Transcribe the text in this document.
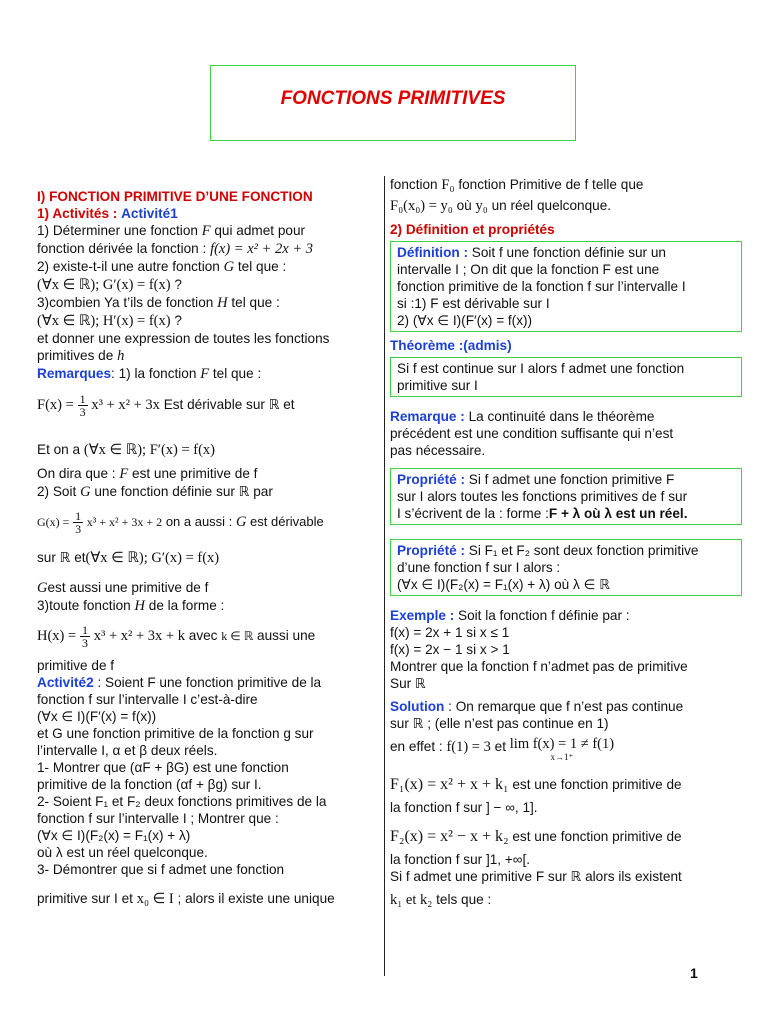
FONCTIONS PRIMITIVES
I) FONCTION PRIMITIVE D’UNE FONCTION
1) Activités : Activité1
1) Déterminer une fonction F qui admet pour
fonction dérivée la fonction : f(x) = x² + 2x + 3
2) existe-t-il une autre fonction G tel que :
(∀x ∈ ℝ); G′(x) = f(x) ?
3)combien Ya t’ils de fonction H tel que :
(∀x ∈ ℝ); H′(x) = f(x) ?
et donner une expression de toutes les fonctions
primitives de h
Remarques: 1) la fonction F tel que :
$F(x) = \frac{1}{3} x^3 + x^2 + 3x$ Est dérivable sur ℝ et
Et on a (∀x ∈ ℝ); F′(x) = f(x)
On dira que : F est une primitive de f
2) Soit G une fonction définie sur ℝ par
$G(x) = \frac{1}{3} x^3 + x^2 + 3x + 2$ on a aussi : G est dérivable
sur ℝ et(∀x ∈ ℝ); G′(x) = f(x)
Gest aussi une primitive de f
3)toute fonction H de la forme :
$H(x) = \frac{1}{3} x^3 + x^2 + 3x + k$ avec k ∈ ℝ aussi une
primitive de f
Activité2 : Soient F une fonction primitive de la
fonction f sur l’intervalle I c’est-à-dire
(∀x ∈ I)(F′(x) = f(x))
et G une fonction primitive de la fonction g sur
l’intervalle I, α et β deux réels.
1- Montrer que (αF + βG) est une fonction
primitive de la fonction (αf + βg) sur I.
2- Soient F₁ et F₂ deux fonctions primitives de la
fonction f sur l’intervalle I ; Montrer que :
(∀x ∈ I)(F₂(x) = F₁(x) + λ)
où λ est un réel quelconque.
3- Démontrer que si f admet une fonction
primitive sur I et x₀ ∈ I ; alors il existe une unique
fonction F₀ fonction Primitive de f telle que
F₀(x₀) = y₀ où y₀ un réel quelconque.
2) Définition et propriétés
Définition : Soit f une fonction définie sur un
intervalle I ; On dit que la fonction F est une
fonction primitive de la fonction f sur l’intervalle I
si :1) F est dérivable sur I
2) (∀x ∈ I)(F′(x) = f(x))
Théorème :(admis)
Si f est continue sur I alors f admet une fonction
primitive sur I
Remarque : La continuité dans le théorème
précédent est une condition suffisante qui n’est
pas nécessaire.
Propriété : Si f admet une fonction primitive F
sur I alors toutes les fonctions primitives de f sur
I s’écrivent de la : forme :F + λ où λ est un réel.
Propriété : Si F₁ et F₂ sont deux fonction primitive
d’une fonction f sur I alors :
(∀x ∈ I)(F₂(x) = F₁(x) + λ) où λ ∈ ℝ
Exemple : Soit la fonction f définie par :
f(x) = 2x + 1 si x ≤ 1
f(x) = 2x − 1 si x > 1
Montrer que la fonction f n’admet pas de primitive
Sur ℝ
Solution : On remarque que f n’est pas continue
sur ℝ ; (elle n’est pas continue en 1)
en effet : f(1) = 3 et lim f(x) = 1 ≠ f(1)
x→1⁺
F₁(x) = x² + x + k₁ est une fonction primitive de
la fonction f sur ] − ∞, 1].
F₂(x) = x² − x + k₂ est une fonction primitive de
la fonction f sur ]1, +∞[.
Si f admet une primitive F sur ℝ alors ils existent
k₁ et k₂ tels que :
1
